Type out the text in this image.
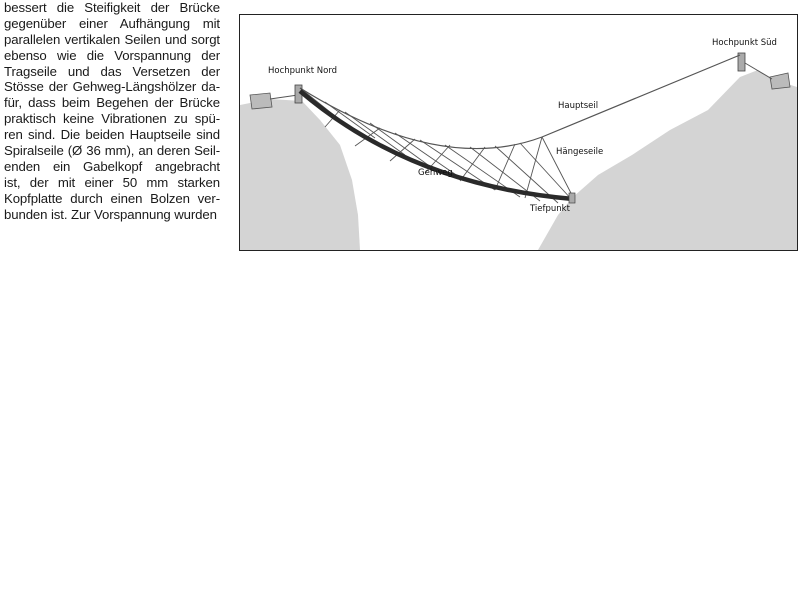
bessert die Steifigkeit der Brücke
gegenüber einer Aufhängung mit
parallelen vertikalen Seilen und sorgt
ebenso wie die Vorspannung der
Tragseile und das Versetzen der
Stösse der Gehweg-Längshölzer da-
für, dass beim Begehen der Brücke
praktisch keine Vibrationen zu spü-
ren sind. Die beiden Hauptseile sind
Spiralseile (Ø 36 mm), an deren Seil-
enden ein Gabelkopf angebracht
ist, der mit einer 50 mm starken
Kopfplatte durch einen Bolzen ver-
bunden ist. Zur Vorspannung wurden
Hochpunkt Nord
Hochpunkt Süd
Hauptseil
Hängeseile
Gehweg
Tiefpunkt
